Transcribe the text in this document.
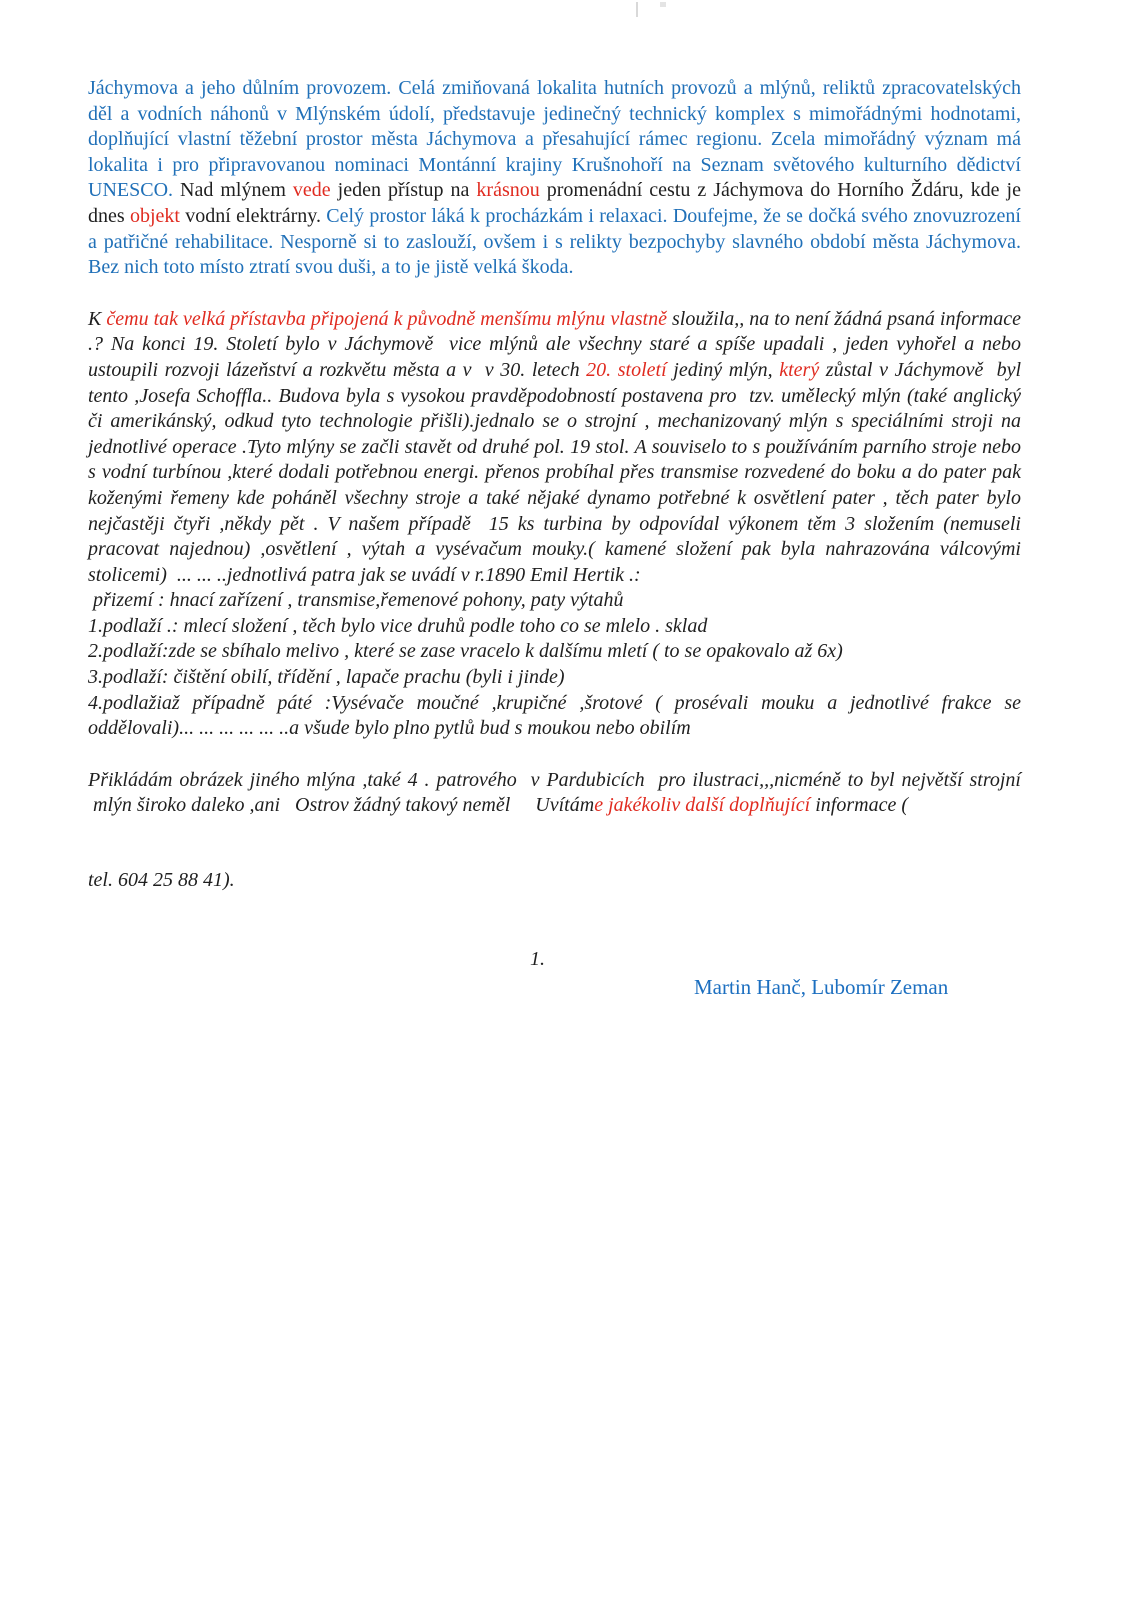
Jáchymova a jeho důlním provozem. Celá zmiňovaná lokalita hutních provozů a mlýnů, reliktů zpracovatelských děl a vodních náhonů v Mlýnském údolí, představuje jedinečný technický komplex s mimořádnými hodnotami, doplňující vlastní těžební prostor města Jáchymova a přesahující rámec regionu. Zcela mimořádný význam má lokalita i pro připravovanou nominaci Montánní krajiny Krušnohoří na Seznam světového kulturního dědictví UNESCO. Nad mlýnem vede jeden přístup na krásnou promenádní cestu z Jáchymova do Horního Ždáru, kde je dnes objekt vodní elektrárny. Celý prostor láká k procházkám i relaxaci. Doufejme, že se dočká svého znovuzrození a patřičné rehabilitace. Nesporně si to zaslouží, ovšem i s relikty bezpochyby slavného období města Jáchymova. Bez nich toto místo ztratí svou duši, a to je jistě velká škoda.

K čemu tak velká přístavba připojená k původně menšímu mlýnu vlastně sloužila,, na to není žádná psaná informace .? Na konci 19. Století bylo v Jáchymově  vice mlýnů ale všechny staré a spíše upadali , jeden vyhořel a nebo ustoupili rozvoji lázeňství a rozkvětu města a v  v 30. letech 20. století jediný mlýn, který zůstal v Jáchymově  byl tento ,Josefa Schoffla.. Budova byla s vysokou pravděpodobností postavena pro  tzv. umělecký mlýn (také anglický či amerikánský, odkud tyto technologie přišli).jednalo se o strojní , mechanizovaný mlýn s speciálními stroji na jednotlivé operace .Tyto mlýny se začli stavět od druhé pol. 19 stol. A souviselo to s používáním parního stroje nebo s vodní turbínou ,které dodali potřebnou energi. přenos probíhal přes transmise rozvedené do boku a do pater pak koženými řemeny kde poháněl všechny stroje a také nějaké dynamo potřebné k osvětlení pater , těch pater bylo nejčastěji čtyři ,někdy pět . V našem případě  15 ks turbina by odpovídal výkonem těm 3 složením (nemuseli pracovat najednou) ,osvětlení , výtah a vysévačum mouky.( kamené složení pak byla nahrazována válcovými stolicemi)  ... ... ..jednotlivá patra jak se uvádí v r.1890 Emil Hertik .:

přizemí : hnací zařízení , transmise,řemenové pohony, paty výtahů
1.podlaží .: mlecí složení , těch bylo vice druhů podle toho co se mlelo . sklad
2.podlaží:zde se sbíhalo melivo , které se zase vracelo k dalšímu mletí ( to se opakovalo až 6x)
3.podlaží: čištění obilí, třídění , lapače prachu (byli i jinde)
4.podlažiaž případně páté :Vysévače moučné ,krupičné ,šrotové ( prosévali mouku a jednotlivé frakce se oddělovali)... ... ... ... ... ..a všude bylo plno pytlů bud s moukou nebo obilím

Přikládám obrázek jiného mlýna ,také 4 . patrového  v Pardubicích  pro ilustraci,,,nicméně to byl největší strojní  mlýn široko daleko ,ani   Ostrov žádný takový neměl     Uvítáme jakékoliv další doplňující informace (

tel. 604 25 88 41).
1.
Martin Hanč, Lubomír Zeman
